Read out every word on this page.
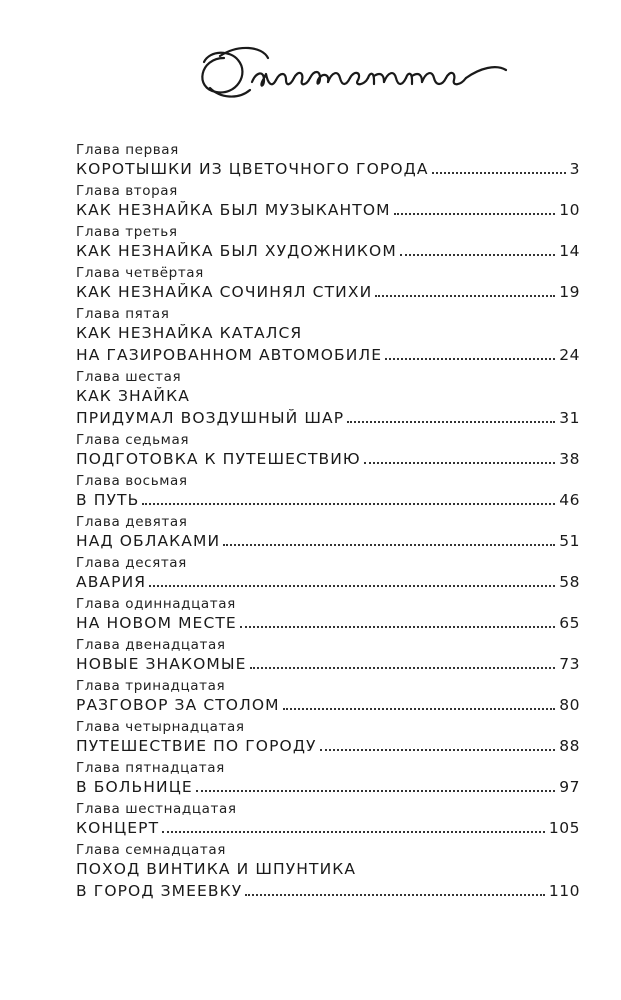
Глава первая
КОРОТЫШКИ ИЗ ЦВЕТОЧНОГО ГОРОДА	3
Глава вторая
КАК НЕЗНАЙКА БЫЛ МУЗЫКАНТОМ	10
Глава третья
КАК НЕЗНАЙКА БЫЛ ХУДОЖНИКОМ	14
Глава четвёртая
КАК НЕЗНАЙКА СОЧИНЯЛ СТИХИ	19
Глава пятая
КАК НЕЗНАЙКА КАТАЛСЯ
НА ГАЗИРОВАННОМ АВТОМОБИЛЕ	24
Глава шестая
КАК ЗНАЙКА
ПРИДУМАЛ ВОЗДУШНЫЙ ШАР	31
Глава седьмая
ПОДГОТОВКА К ПУТЕШЕСТВИЮ	38
Глава восьмая
В ПУТЬ	46
Глава девятая
НАД ОБЛАКАМИ	51
Глава десятая
АВАРИЯ	58
Глава одиннадцатая
НА НОВОМ МЕСТЕ	65
Глава двенадцатая
НОВЫЕ ЗНАКОМЫЕ	73
Глава тринадцатая
РАЗГОВОР ЗА СТОЛОМ	80
Глава четырнадцатая
ПУТЕШЕСТВИЕ ПО ГОРОДУ	88
Глава пятнадцатая
В БОЛЬНИЦЕ	97
Глава шестнадцатая
КОНЦЕРТ	105
Глава семнадцатая
ПОХОД ВИНТИКА И ШПУНТИКА
В ГОРОД ЗМЕЕВКУ	110
